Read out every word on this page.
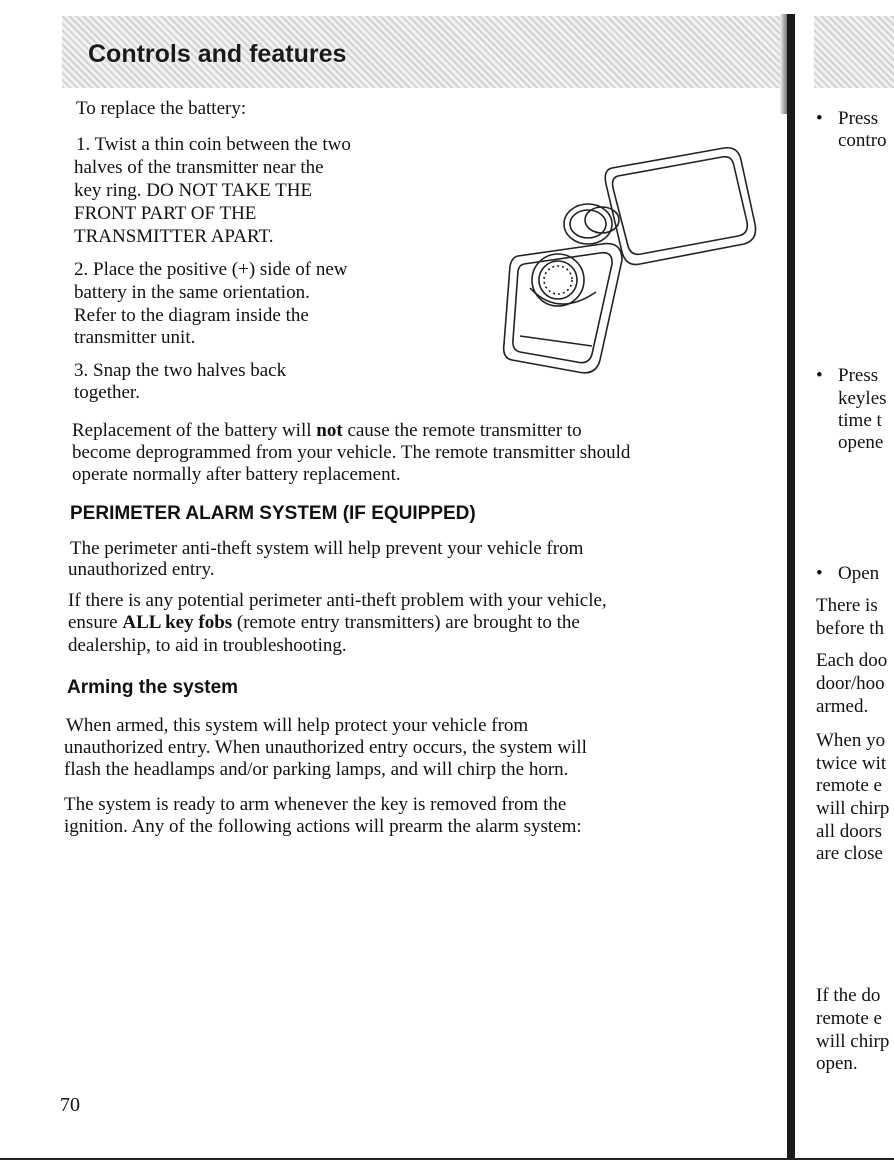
Controls and features

To replace the battery:

1. Twist a thin coin between the two

halves of the transmitter near the

key ring. DO NOT TAKE THE

FRONT PART OF THE

TRANSMITTER APART.

2. Place the positive (+) side of new

battery in the same orientation.

Refer to the diagram inside the

transmitter unit.

3. Snap the two halves back

together.

Replacement of the battery will not cause the remote transmitter to

become deprogrammed from your vehicle. The remote transmitter should

operate normally after battery replacement.

PERIMETER ALARM SYSTEM (IF EQUIPPED)

The perimeter anti-theft system will help prevent your vehicle from

unauthorized entry.

If there is any potential perimeter anti-theft problem with your vehicle,

ensure ALL key fobs (remote entry transmitters) are brought to the

dealership, to aid in troubleshooting.

Arming the system

When armed, this system will help protect your vehicle from

unauthorized entry. When unauthorized entry occurs, the system will

flash the headlamps and/or parking lamps, and will chirp the horn.

The system is ready to arm whenever the key is removed from the

ignition. Any of the following actions will prearm the alarm system:

70
• Press
contro
• Press
keyles
time t
opene
• Open
There is
before th
Each doo
door/hoo
armed.
When yo
twice wit
remote e
will chirp
all doors
are close
If the do
remote e
will chirp
open.
